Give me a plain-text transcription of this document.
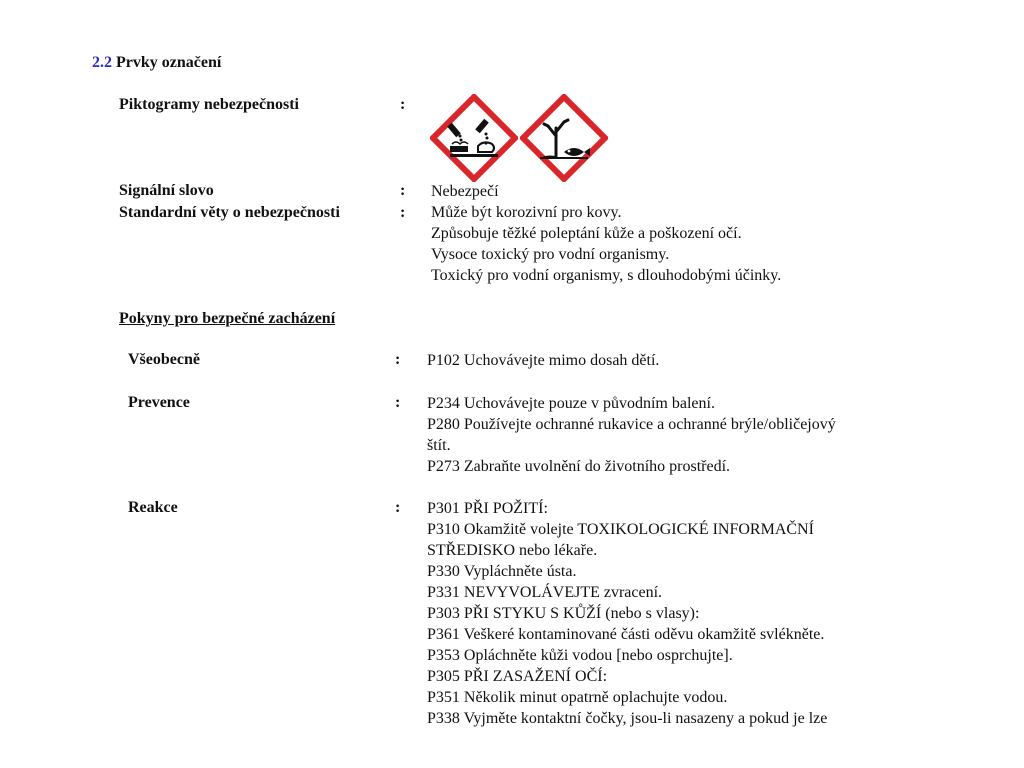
2.2 Prvky označení
Piktogramy nebezpečnosti	:
Signální slovo	: Nebezpečí
Standardní věty o nebezpečnosti	: Může být korozivní pro kovy.
Způsobuje těžké poleptání kůže a poškození očí.
Vysoce toxický pro vodní organismy.
Toxický pro vodní organismy, s dlouhodobými účinky.
Pokyny pro bezpečné zacházení
Všeobecně	: P102 Uchovávejte mimo dosah dětí.
Prevence	: P234 Uchovávejte pouze v původním balení.
P280 Používejte ochranné rukavice a ochranné brýle/obličejový
štít.
P273 Zabraňte uvolnění do životního prostředí.
Reakce	: P301 PŘI POŽITÍ:
P310 Okamžitě volejte TOXIKOLOGICKÉ INFORMAČNÍ
STŘEDISKO nebo lékaře.
P330 Vypláchněte ústa.
P331 NEVYVOLÁVEJTE zvracení.
P303 PŘI STYKU S KŮŽÍ (nebo s vlasy):
P361 Veškeré kontaminované části oděvu okamžitě svlékněte.
P353 Opláchněte kůži vodou [nebo osprchujte].
P305 PŘI ZASAŽENÍ OČÍ:
P351 Několik minut opatrně oplachujte vodou.
P338 Vyjměte kontaktní čočky, jsou-li nasazeny a pokud je lze
